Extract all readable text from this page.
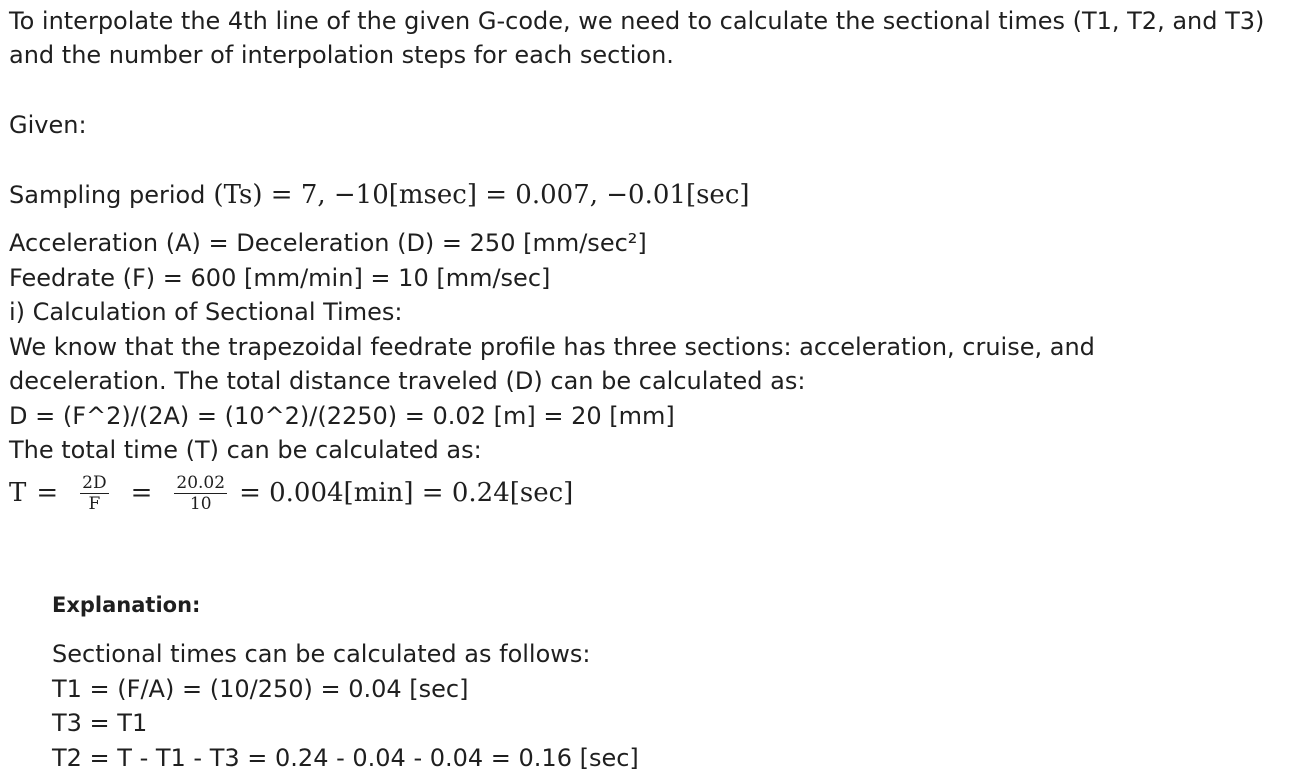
To interpolate the 4th line of the given G-code, we need to calculate the sectional times (T1, T2, and T3) and the number of interpolation steps for each section.

Given:

Sampling period (Ts) = 7, −10[msec] = 0.007, −0.01[sec]

Acceleration (A) = Deceleration (D) = 250 [mm/sec²]

Feedrate (F) = 600 [mm/min] = 10 [mm/sec]

i) Calculation of Sectional Times:

We know that the trapezoidal feedrate profile has three sections: acceleration, cruise, and

deceleration. The total distance traveled (D) can be calculated as:

D = (F^2)/(2A) = (10^2)/(2250) = 0.02 [m] = 20 [mm]

The total time (T) can be calculated as:

$T = \frac{2D}{F} = \frac{20.02}{10} = 0.004[\min] = 0.24[\sec]$

Explanation:

Sectional times can be calculated as follows:

T1 = (F/A) = (10/250) = 0.04 [sec]

T3 = T1

T2 = T - T1 - T3 = 0.24 - 0.04 - 0.04 = 0.16 [sec]
